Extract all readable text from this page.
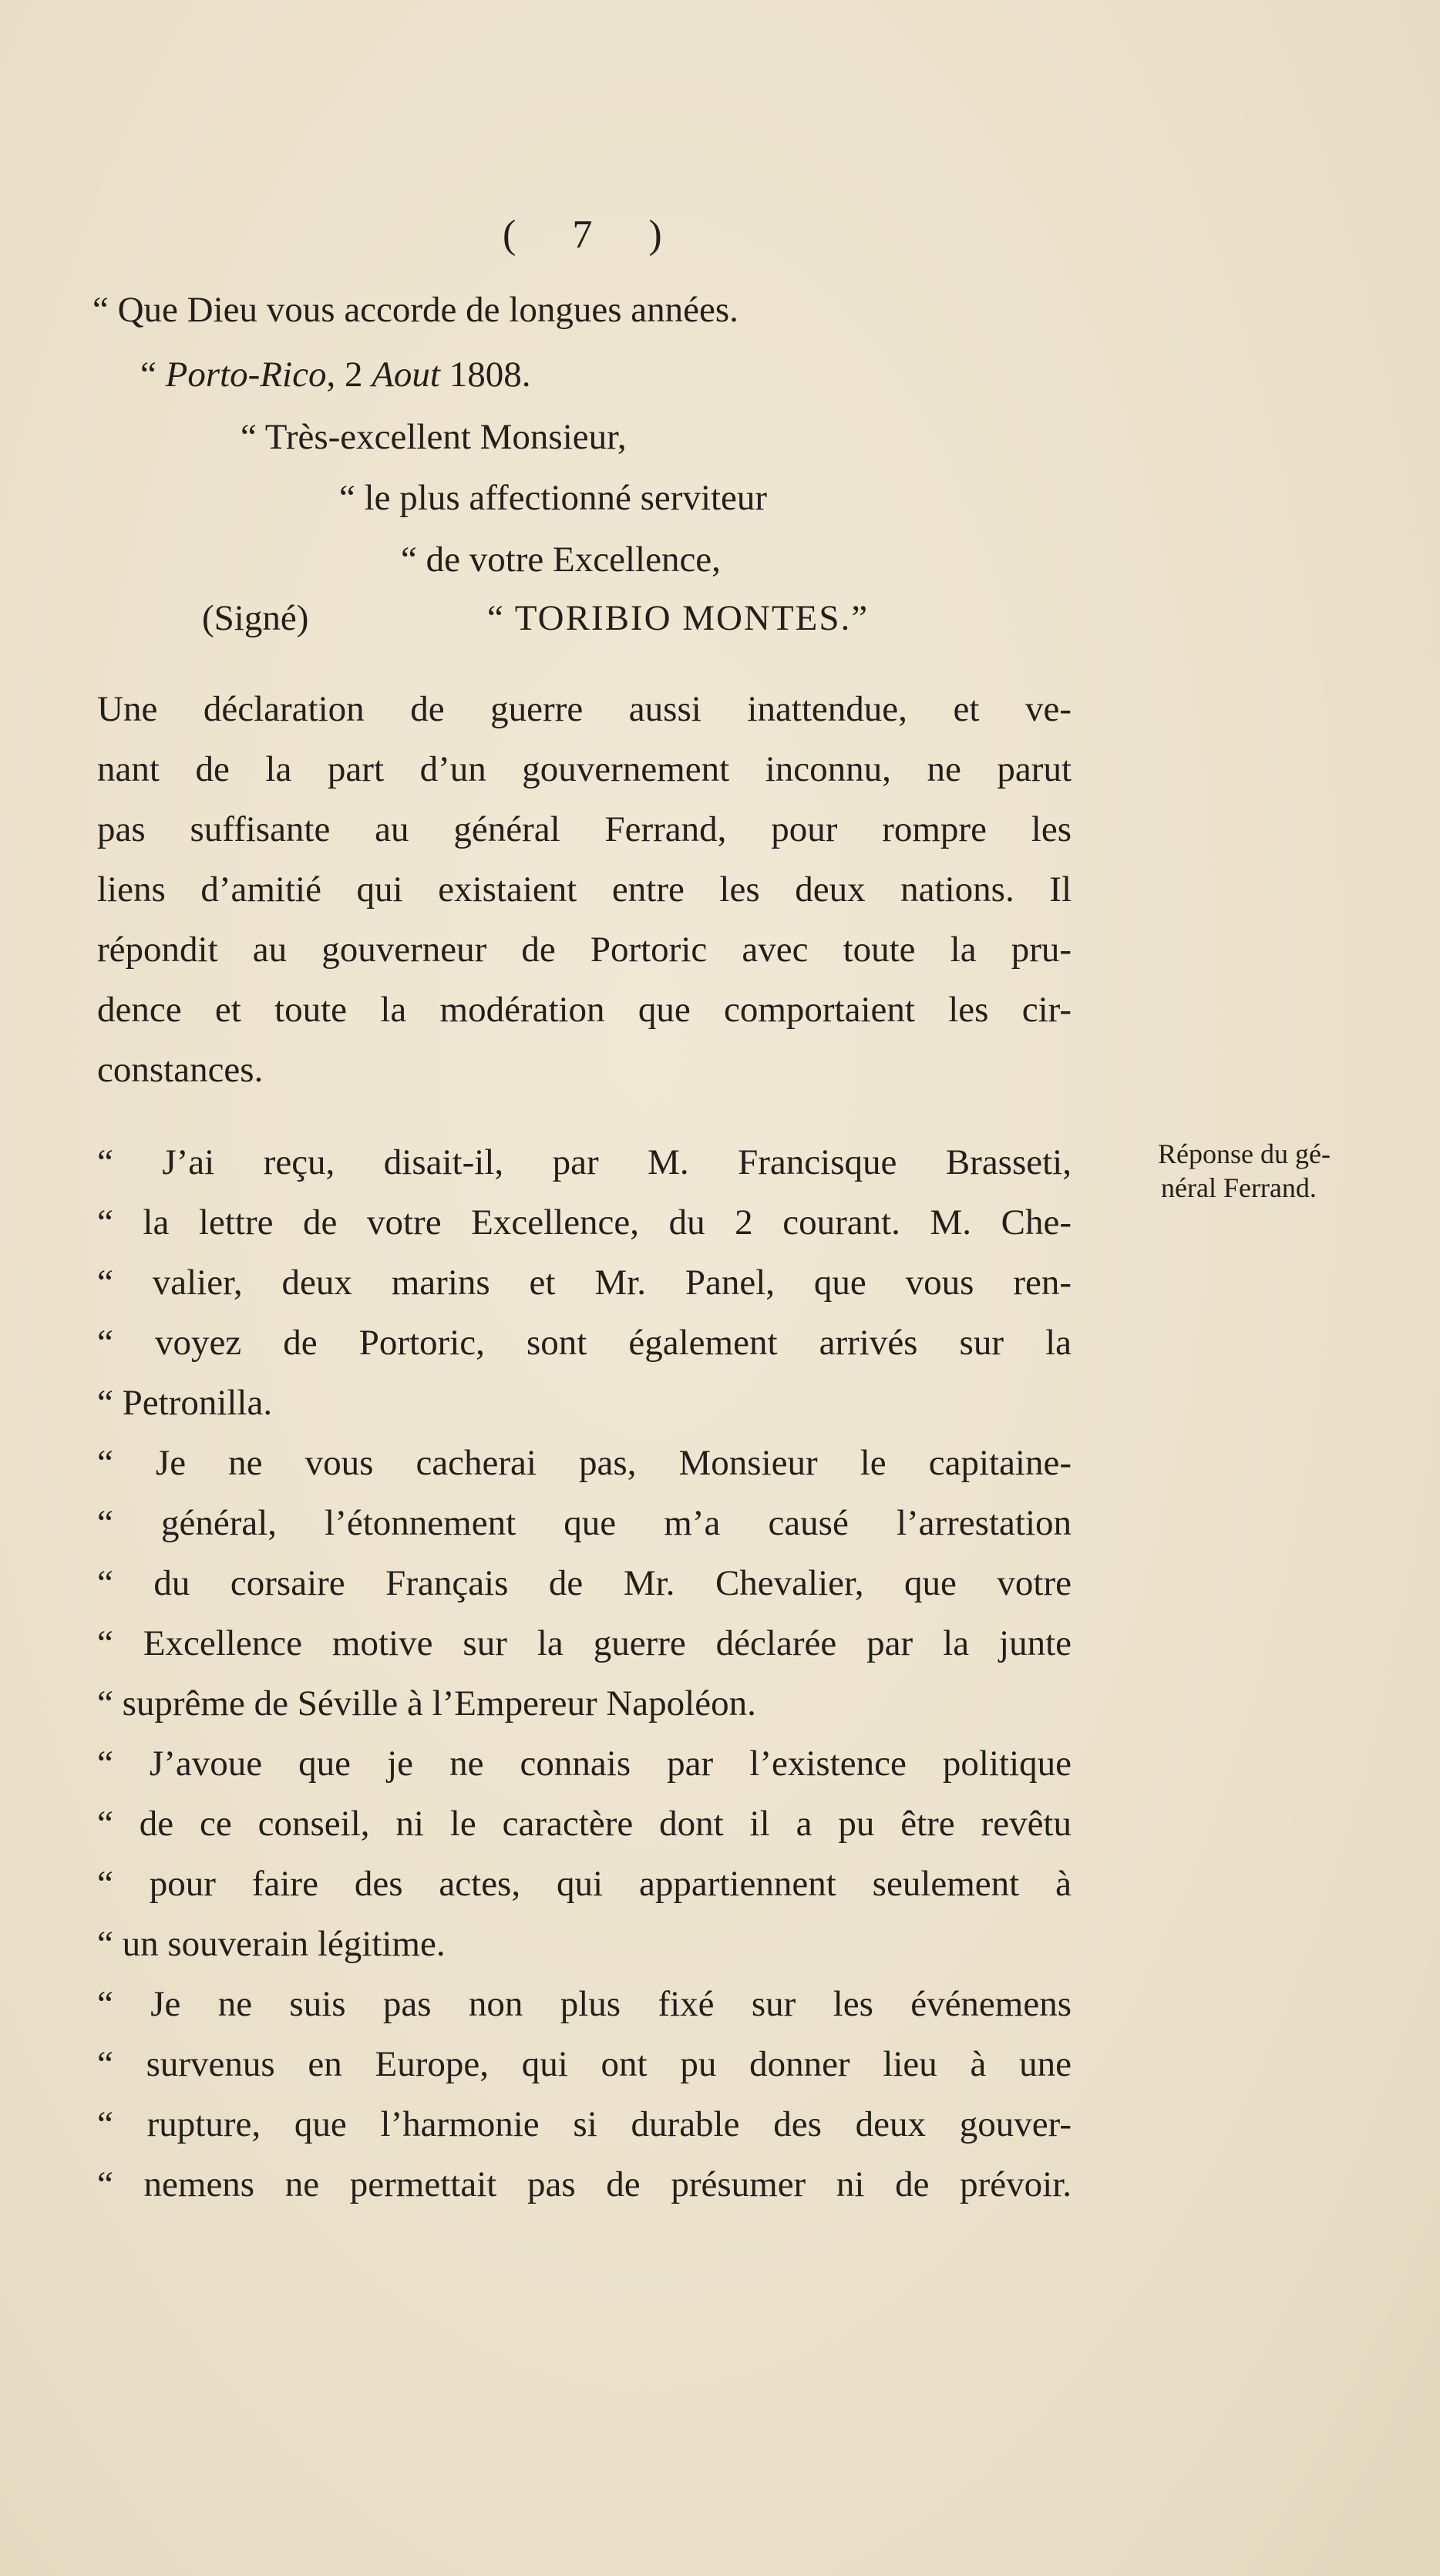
( 7 )
“ Que Dieu vous accorde de longues années.
“ Porto-Rico, 2 Aout 1808.
“ Très-excellent Monsieur,
“ le plus affectionné serviteur
“ de votre Excellence,
(Signé)	“ TORIBIO MONTES.”
Une déclaration de guerre aussi inattendue, et ve-
nant de la part d’un gouvernement inconnu, ne parut
pas suffisante au général Ferrand, pour rompre les
liens d’amitié qui existaient entre les deux nations. Il
répondit au gouverneur de Portoric avec toute la pru-
dence et toute la modération que comportaient les cir-
constances.
Réponse du gé-
néral Ferrand.
“ J’ai reçu, disait-il, par M. Francisque Brasseti,
“ la lettre de votre Excellence, du 2 courant. M. Che-
“ valier, deux marins et Mr. Panel, que vous ren-
“ voyez de Portoric, sont également arrivés sur la
“ Petronilla.
“ Je ne vous cacherai pas, Monsieur le capitaine-
“ général, l’étonnement que m’a causé l’arrestation
“ du corsaire Français de Mr. Chevalier, que votre
“ Excellence motive sur la guerre déclarée par la junte
“ suprême de Séville à l’Empereur Napoléon.
“ J’avoue que je ne connais par l’existence politique
“ de ce conseil, ni le caractère dont il a pu être revêtu
“ pour faire des actes, qui appartiennent seulement à
“ un souverain légitime.
“ Je ne suis pas non plus fixé sur les événemens
“ survenus en Europe, qui ont pu donner lieu à une
“ rupture, que l’harmonie si durable des deux gouver-
“ nemens ne permettait pas de présumer ni de prévoir.
